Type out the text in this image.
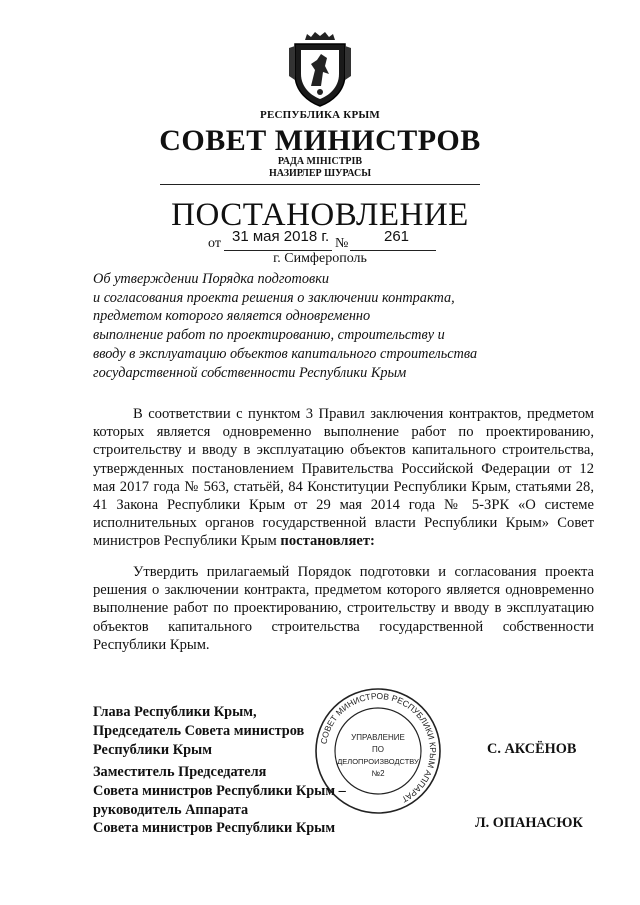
РЕСПУБЛИКА КРЫМ
СОВЕТ МИНИСТРОВ
РАДА МІНІСТРІВ
НАЗИРЛЕР ШУРАСЫ
ПОСТАНОВЛЕНИЕ
от 31 мая 2018 г. № 261
г. Симферополь
Об утверждении Порядка подготовки
и согласования проекта решения о заключении контракта,
предметом которого является одновременно
выполнение работ по проектированию, строительству и
вводу в эксплуатацию объектов капитального строительства
государственной собственности Республики Крым
В соответствии с пунктом 3 Правил заключения контрактов, предметом которых является одновременно выполнение работ по проектированию, строительству и вводу в эксплуатацию объектов капитального строительства, утвержденных постановлением Правительства Российской Федерации от 12 мая 2017 года № 563, статьёй, 84 Конституции Республики Крым, статьями 28, 41 Закона Республики Крым от 29 мая 2014 года № 5-ЗРК «О системе исполнительных органов государственной власти Республики Крым» Совет министров Республики Крым постановляет:
Утвердить прилагаемый Порядок подготовки и согласования проекта решения о заключении контракта, предметом которого является одновременно выполнение работ по проектированию, строительству и вводу в эксплуатацию объектов капитального строительства государственной собственности Республики Крым.
СОВЕТ МИНИСТРОВ РЕСПУБЛИКИ КРЫМ АППАРАТ
УПРАВЛЕНИЕ
ПО
ДЕЛОПРОИЗВОДСТВУ
№2
Глава Республики Крым,
Председатель Совета министров
Республики Крым	С. АКСЁНОВ
Заместитель Председателя
Совета министров Республики Крым –
руководитель Аппарата
Совета министров Республики Крым	Л. ОПАНАСЮК
